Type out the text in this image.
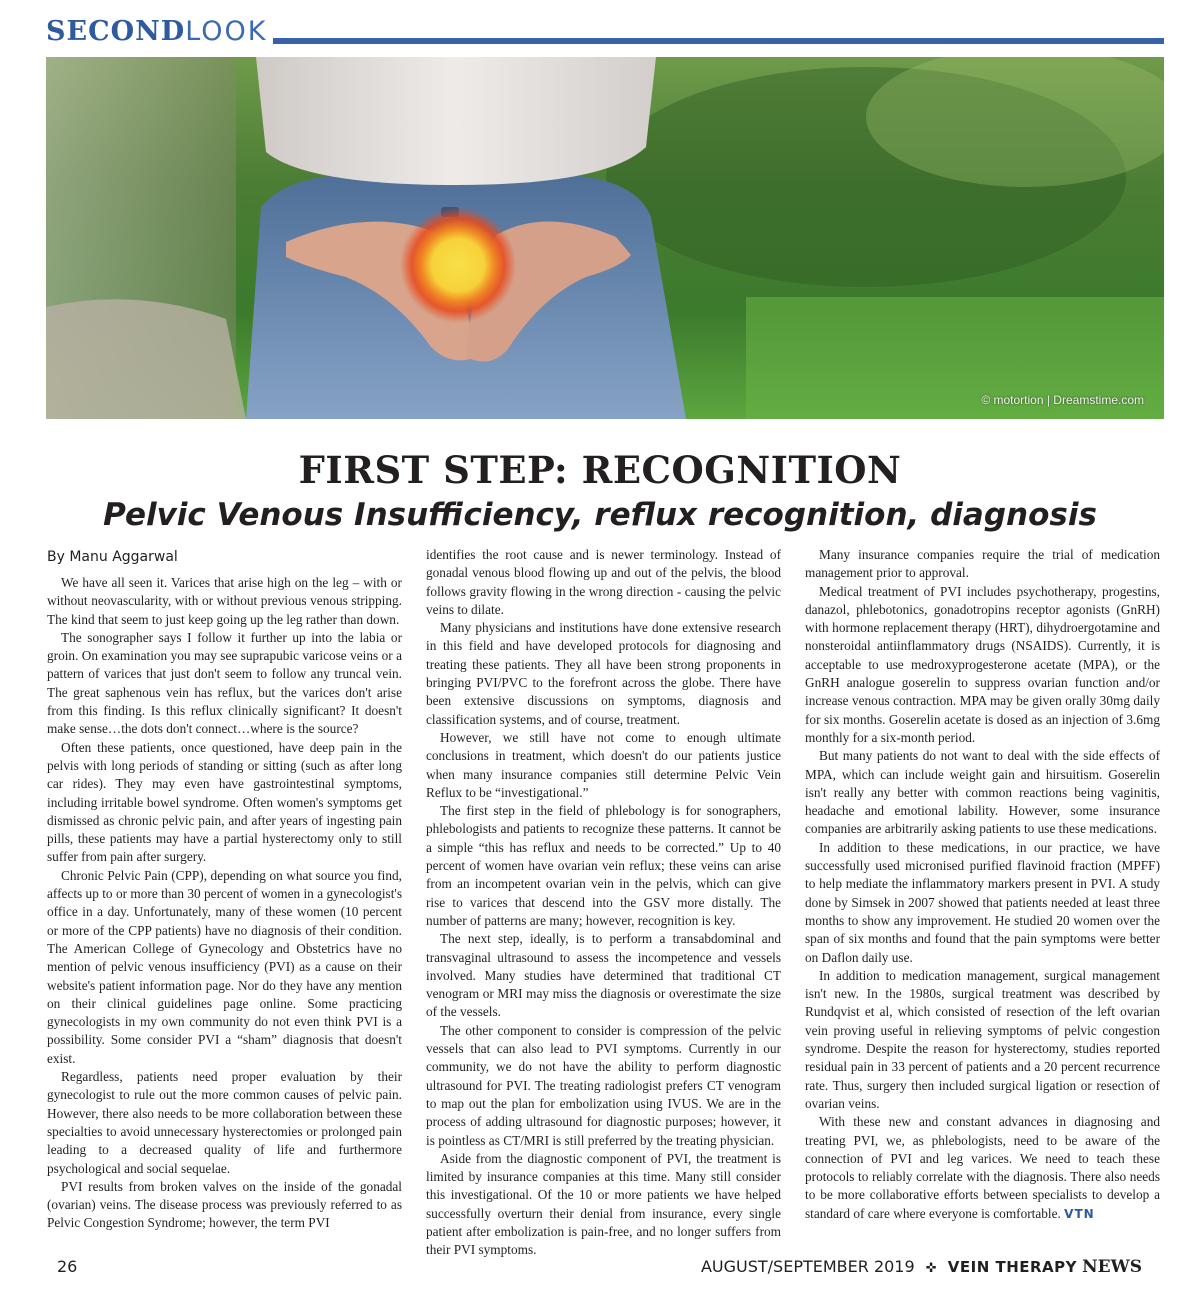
SECONDLOOK
© motortion | Dreamstime.com
FIRST STEP: RECOGNITION
Pelvic Venous Insufficiency, reflux recognition, diagnosis
By Manu Aggarwal

We have all seen it. Varices that arise high on the leg – with or without neovascularity, with or without previous venous stripping. The kind that seem to just keep going up the leg rather than down.

The sonographer says I follow it further up into the labia or groin. On examination you may see suprapubic varicose veins or a pattern of varices that just don't seem to follow any truncal vein. The great saphenous vein has reflux, but the varices don't arise from this finding. Is this reflux clinically significant? It doesn't make sense…the dots don't connect…where is the source?

Often these patients, once questioned, have deep pain in the pelvis with long periods of standing or sitting (such as after long car rides). They may even have gastrointestinal symptoms, including irritable bowel syndrome. Often women's symptoms get dismissed as chronic pelvic pain, and after years of ingesting pain pills, these patients may have a partial hysterectomy only to still suffer from pain after surgery.

Chronic Pelvic Pain (CPP), depending on what source you find, affects up to or more than 30 percent of women in a gynecologist's office in a day. Unfortunately, many of these women (10 percent or more of the CPP patients) have no diagnosis of their condition. The American College of Gynecology and Obstetrics have no mention of pelvic venous insufficiency (PVI) as a cause on their website's patient information page. Nor do they have any mention on their clinical guidelines page online. Some practicing gynecologists in my own community do not even think PVI is a possibility. Some consider PVI a “sham” diagnosis that doesn't exist.

Regardless, patients need proper evaluation by their gynecologist to rule out the more common causes of pelvic pain. However, there also needs to be more collaboration between these specialties to avoid unnecessary hysterectomies or prolonged pain leading to a decreased quality of life and furthermore psychological and social sequelae.

PVI results from broken valves on the inside of the gonadal (ovarian) veins. The disease process was previously referred to as Pelvic Congestion Syndrome; however, the term PVI

identifies the root cause and is newer terminology. Instead of gonadal venous blood flowing up and out of the pelvis, the blood follows gravity flowing in the wrong direction - causing the pelvic veins to dilate.

Many physicians and institutions have done extensive research in this field and have developed protocols for diagnosing and treating these patients. They all have been strong proponents in bringing PVI/PVC to the forefront across the globe. There have been extensive discussions on symptoms, diagnosis and classification systems, and of course, treatment.

However, we still have not come to enough ultimate conclusions in treatment, which doesn't do our patients justice when many insurance companies still determine Pelvic Vein Reflux to be “investigational.”

The first step in the field of phlebology is for sonographers, phlebologists and patients to recognize these patterns. It cannot be a simple “this has reflux and needs to be corrected.” Up to 40 percent of women have ovarian vein reflux; these veins can arise from an incompetent ovarian vein in the pelvis, which can give rise to varices that descend into the GSV more distally. The number of patterns are many; however, recognition is key.

The next step, ideally, is to perform a transabdominal and transvaginal ultrasound to assess the incompetence and vessels involved. Many studies have determined that traditional CT venogram or MRI may miss the diagnosis or overestimate the size of the vessels.

The other component to consider is compression of the pelvic vessels that can also lead to PVI symptoms. Currently in our community, we do not have the ability to perform diagnostic ultrasound for PVI. The treating radiologist prefers CT venogram to map out the plan for embolization using IVUS. We are in the process of adding ultrasound for diagnostic purposes; however, it is pointless as CT/MRI is still preferred by the treating physician.

Aside from the diagnostic component of PVI, the treatment is limited by insurance companies at this time. Many still consider this investigational. Of the 10 or more patients we have helped successfully overturn their denial from insurance, every single patient after embolization is pain-free, and no longer suffers from their PVI symptoms.

Many insurance companies require the trial of medication management prior to approval.

Medical treatment of PVI includes psychotherapy, progestins, danazol, phlebotonics, gonadotropins receptor agonists (GnRH) with hormone replacement therapy (HRT), dihydroergotamine and nonsteroidal antiinflammatory drugs (NSAIDS). Currently, it is acceptable to use medroxyprogesterone acetate (MPA), or the GnRH analogue goserelin to suppress ovarian function and/or increase venous contraction. MPA may be given orally 30mg daily for six months. Goserelin acetate is dosed as an injection of 3.6mg monthly for a six-month period.

But many patients do not want to deal with the side effects of MPA, which can include weight gain and hirsuitism. Goserelin isn't really any better with common reactions being vaginitis, headache and emotional lability. However, some insurance companies are arbitrarily asking patients to use these medications.

In addition to these medications, in our practice, we have successfully used micronised purified flavinoid fraction (MPFF) to help mediate the inflammatory markers present in PVI. A study done by Simsek in 2007 showed that patients needed at least three months to show any improvement. He studied 20 women over the span of six months and found that the pain symptoms were better on Daflon daily use.

In addition to medication management, surgical management isn't new. In the 1980s, surgical treatment was described by Rundqvist et al, which consisted of resection of the left ovarian vein proving useful in relieving symptoms of pelvic congestion syndrome. Despite the reason for hysterectomy, studies reported residual pain in 33 percent of patients and a 20 percent recurrence rate. Thus, surgery then included surgical ligation or resection of ovarian veins.

With these new and constant advances in diagnosing and treating PVI, we, as phlebologists, need to be aware of the connection of PVI and leg varices. We need to teach these protocols to reliably correlate with the diagnosis. There also needs to be more collaborative efforts between specialists to develop a standard of care where everyone is comfortable. VTN

26	AUGUST/SEPTEMBER 2019 ✜ VEIN THERAPY NEWS
